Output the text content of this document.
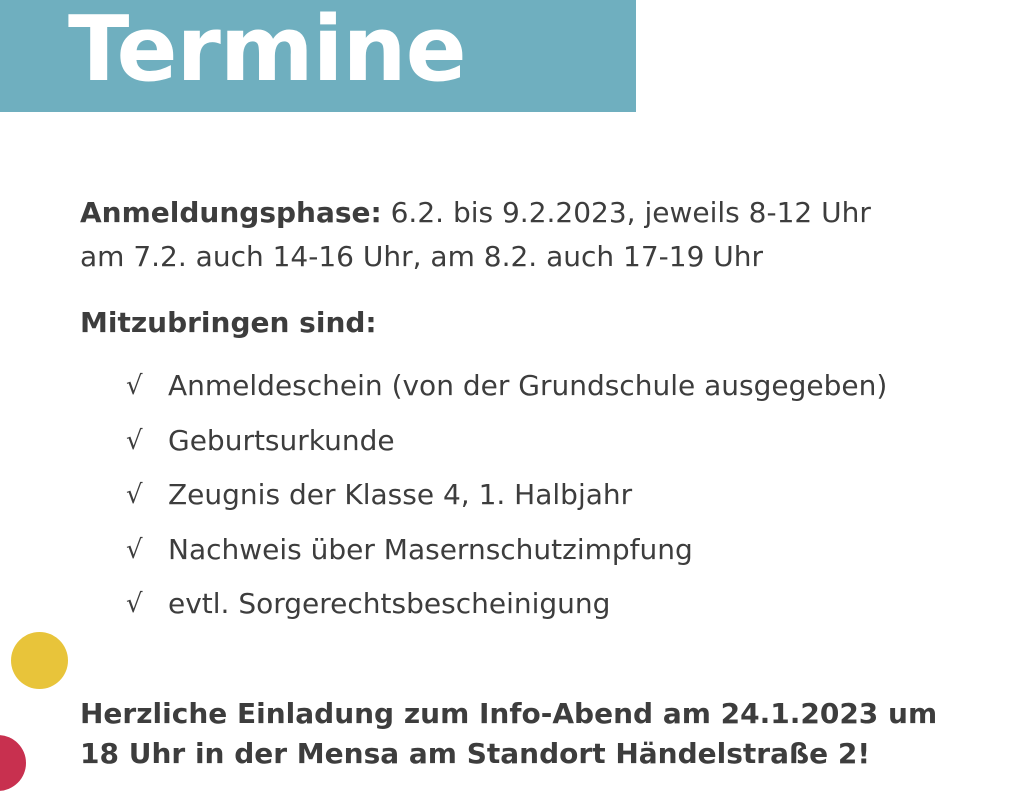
Termine
Anmeldungsphase: 6.2. bis 9.2.2023, jeweils 8-12 Uhr
am 7.2. auch 14-16 Uhr, am 8.2. auch 17-19 Uhr
Mitzubringen sind:
√ Anmeldeschein (von der Grundschule ausgegeben)
√ Geburtsurkunde
√ Zeugnis der Klasse 4, 1. Halbjahr
√ Nachweis über Masernschutzimpfung
√ evtl. Sorgerechtsbescheinigung
Herzliche Einladung zum Info-Abend am 24.1.2023 um
18 Uhr in der Mensa am Standort Händelstraße 2!
